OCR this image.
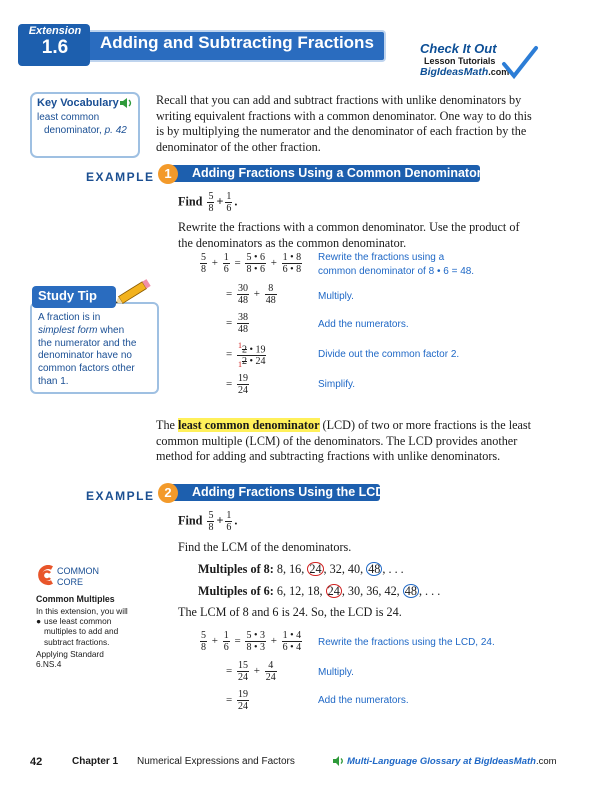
Extension
1.6	Adding and Subtracting Fractions	Check It Out
Lesson Tutorials
BigIdeasMath.com
Key Vocabulary
least common
denominator, p. 42
Recall that you can add and subtract fractions with unlike denominators by
writing equivalent fractions with a common denominator. One way to do this
is by multiplying the numerator and the denominator of each fraction by the
denominator of the other fraction.
EXAMPLE 1	Adding Fractions Using a Common Denominator
Find $\frac{5}{8} + \frac{1}{6}$ .
Rewrite the fractions with a common denominator. Use the product of
the denominators as the common denominator.
$\frac{5}{8} + \frac{1}{6} = \frac{5 • 6}{8 • 6} + \frac{1 • 8}{6 • 8}$ Rewrite the fractions using a
common denominator of 8 • 6 = 48.
= $\frac{30}{48} + \frac{8}{48}$	Multiply.
= $\frac{38}{48}$	Add the numerators.
= $\frac{^12 • 19}{_12 • 24}$	Divide out the common factor 2.
= $\frac{19}{24}$	Simplify.
Study Tip
A fraction is in
simplest form when
the numerator and the
denominator have no
common factors other
than 1.
The least common denominator (LCD) of two or more fractions is the least
common multiple (LCM) of the denominators. The LCD provides another
method for adding and subtracting fractions with unlike denominators.
EXAMPLE 2	Adding Fractions Using the LCD
Find $\frac{5}{8} + \frac{1}{6}$ .
Find the LCM of the denominators.
Multiples of 8: 8, 16, 24 , 32, 40, 48 , . . .
Multiples of 6: 6, 12, 18, 24 , 30, 36, 42, 48 , . . .
The LCM of 8 and 6 is 24. So, the LCD is 24.
$\frac{5}{8} + \frac{1}{6} = \frac{5 • 3}{8 • 3} + \frac{1 • 4}{6 • 4}$ Rewrite the fractions using the LCD, 24.
= $\frac{15}{24} + \frac{4}{24}$	Multiply.
= $\frac{19}{24}$	Add the numerators.
COMMON
CORE
Common Multiples
In this extension, you will
● use least common
multiples to add and
subtract fractions.
Applying Standard
6.NS.4
42	Chapter 1 Numerical Expressions and Factors	Multi-Language Glossary at BigIdeasMath.com
